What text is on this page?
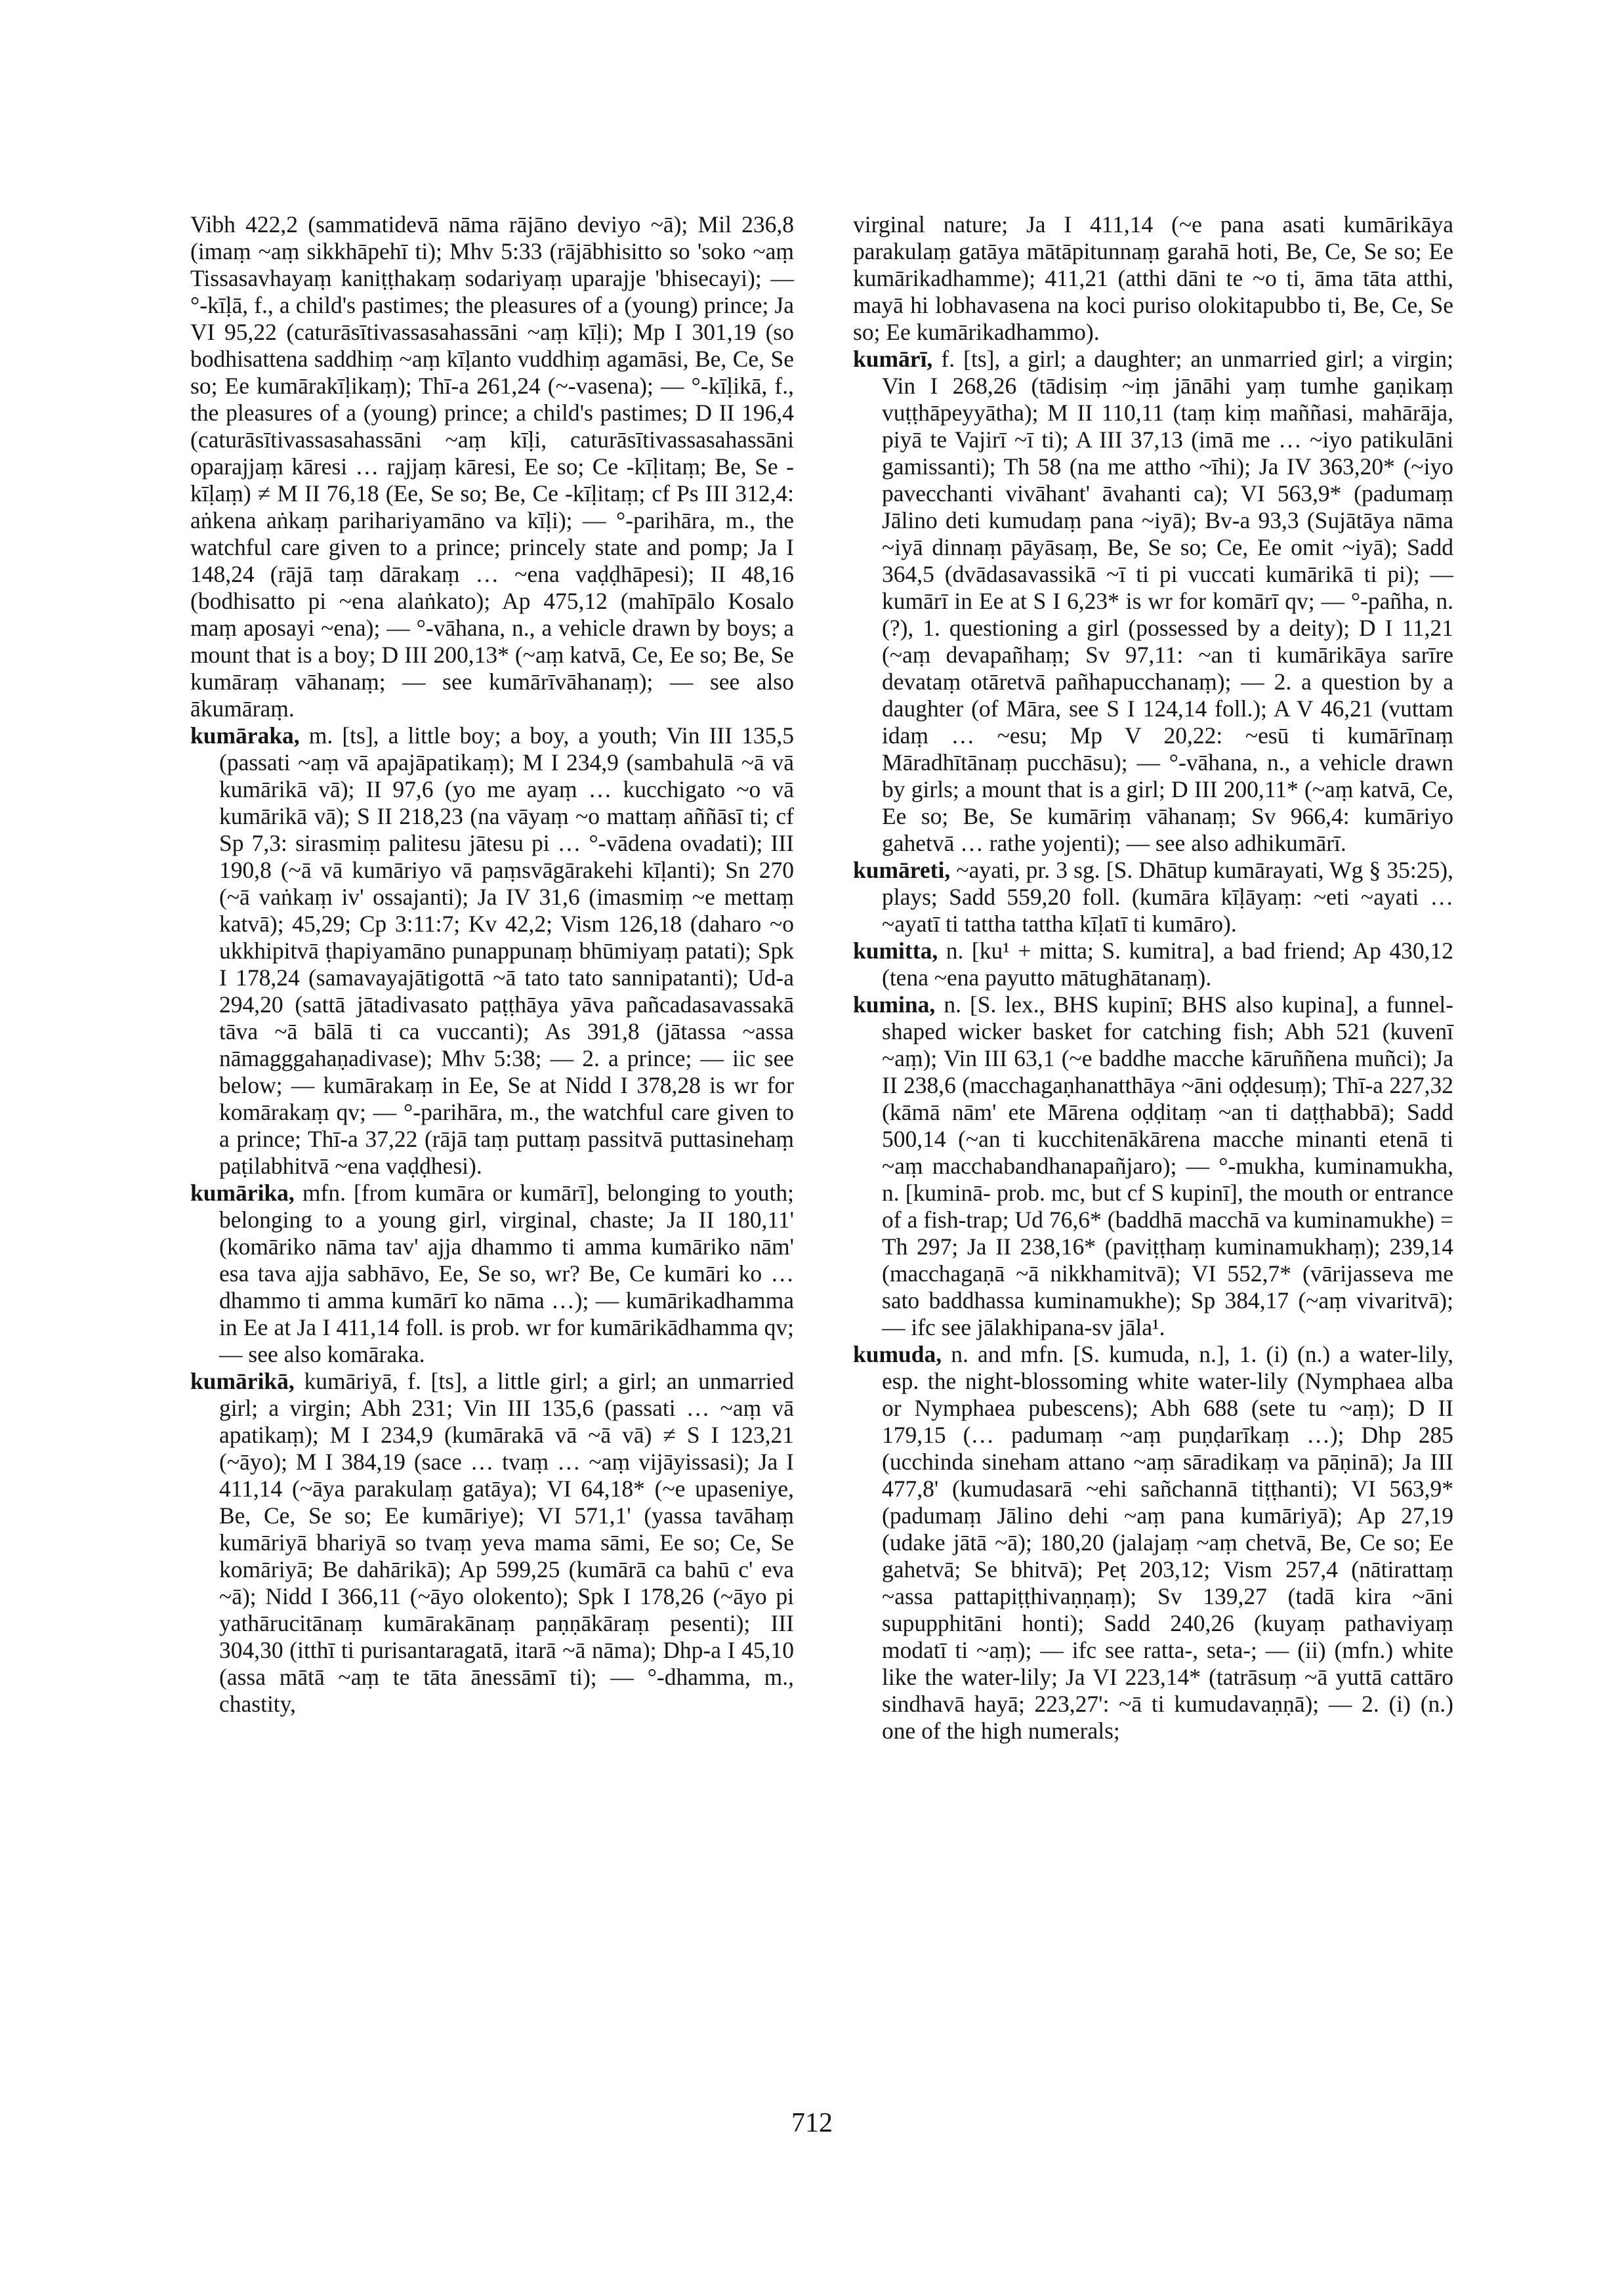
Vibh 422,2 (sammatidevā nāma rājāno deviyo ~ā); Mil 236,8 (imaṃ ~aṃ sikkhāpehī ti); Mhv 5:33 (rājābhisitto so 'soko ~aṃ Tissasavhayaṃ kaniṭṭhakaṃ sodariyaṃ uparajje 'bhisecayi); — °-kīḷā, f., a child's pastimes; the pleasures of a (young) prince; Ja VI 95,22 (caturāsītivassasahassāni ~aṃ kīḷi); Mp I 301,19 (so bodhisattena saddhiṃ ~aṃ kīḷanto vuddhiṃ agamāsi, Be, Ce, Se so; Ee kumārakīḷikaṃ); Thī-a 261,24 (~-vasena); — °-kīḷikā, f., the pleasures of a (young) prince; a child's pastimes; D II 196,4 (caturāsītivassasahassāni ~aṃ kīḷi, caturāsītivassasahassāni oparajjaṃ kāresi … rajjaṃ kāresi, Ee so; Ce -kīḷitaṃ; Be, Se -kīḷaṃ) ≠ M II 76,18 (Ee, Se so; Be, Ce -kīḷitaṃ; cf Ps III 312,4: aṅkena aṅkaṃ parihariyamāno va kīḷi); — °-parihāra, m., the watchful care given to a prince; princely state and pomp; Ja I 148,24 (rājā taṃ dārakaṃ … ~ena vaḍḍhāpesi); II 48,16 (bodhisatto pi ~ena alaṅkato); Ap 475,12 (mahīpālo Kosalo maṃ aposayi ~ena); — °-vāhana, n., a vehicle drawn by boys; a mount that is a boy; D III 200,13* (~aṃ katvā, Ce, Ee so; Be, Se kumāraṃ vāhanaṃ; — see kumārīvāhanaṃ); — see also ākumāraṃ.

kumāraka, m. [ts], a little boy; a boy, a youth; Vin III 135,5 (passati ~aṃ vā apajāpatikaṃ); M I 234,9 (sambahulā ~ā vā kumārikā vā); II 97,6 (yo me ayaṃ … kucchigato ~o vā kumārikā vā); S II 218,23 (na vāyaṃ ~o mattaṃ aññāsī ti; cf Sp 7,3: sirasmiṃ palitesu jātesu pi … °-vādena ovadati); III 190,8 (~ā vā kumāriyo vā paṃsvāgārakehi kīḷanti); Sn 270 (~ā vaṅkaṃ iv' ossajanti); Ja IV 31,6 (imasmiṃ ~e mettaṃ katvā); 45,29; Cp 3:11:7; Kv 42,2; Vism 126,18 (daharo ~o ukkhipitvā ṭhapiyamāno punappunaṃ bhūmiyaṃ patati); Spk I 178,24 (samavayajātigottā ~ā tato tato sannipatanti); Ud-a 294,20 (sattā jātadivasato paṭṭhāya yāva pañcadasavassakā tāva ~ā bālā ti ca vuccanti); As 391,8 (jātassa ~assa nāmagggahaṇadivase); Mhv 5:38; — 2. a prince; — iic see below; — kumārakaṃ in Ee, Se at Nidd I 378,28 is wr for komārakaṃ qv; — °-parihāra, m., the watchful care given to a prince; Thī-a 37,22 (rājā taṃ puttaṃ passitvā puttasinehaṃ paṭilabhitvā ~ena vaḍḍhesi).

kumārika, mfn. [from kumāra or kumārī], belonging to youth; belonging to a young girl, virginal, chaste; Ja II 180,11' (komāriko nāma tav' ajja dhammo ti amma kumāriko nām' esa tava ajja sabhāvo, Ee, Se so, wr? Be, Ce kumāri ko … dhammo ti amma kumārī ko nāma …); — kumārikadhamma in Ee at Ja I 411,14 foll. is prob. wr for kumārikādhamma qv; — see also komāraka.

kumārikā, kumāriyā, f. [ts], a little girl; a girl; an unmarried girl; a virgin; Abh 231; Vin III 135,6 (passati … ~aṃ vā apatikaṃ); M I 234,9 (kumārakā vā ~ā vā) ≠ S I 123,21 (~āyo); M I 384,19 (sace … tvaṃ … ~aṃ vijāyissasi); Ja I 411,14 (~āya parakulaṃ gatāya); VI 64,18* (~e upaseniye, Be, Ce, Se so; Ee kumāriye); VI 571,1' (yassa tavāhaṃ kumāriyā bhariyā so tvaṃ yeva mama sāmi, Ee so; Ce, Se komāriyā; Be dahārikā); Ap 599,25 (kumārā ca bahū c' eva ~ā); Nidd I 366,11 (~āyo olokento); Spk I 178,26 (~āyo pi yathārucitānaṃ kumārakānaṃ paṇṇākāraṃ pesenti); III 304,30 (itthī ti purisantaragatā, itarā ~ā nāma); Dhp-a I 45,10 (assa mātā ~aṃ te tāta ānessāmī ti); — °-dhamma, m., chastity,

virginal nature; Ja I 411,14 (~e pana asati kumārikāya parakulaṃ gatāya mātāpitunnaṃ garahā hoti, Be, Ce, Se so; Ee kumārikadhamme); 411,21 (atthi dāni te ~o ti, āma tāta atthi, mayā hi lobhavasena na koci puriso olokitapubbo ti, Be, Ce, Se so; Ee kumārikadhammo).

kumārī, f. [ts], a girl; a daughter; an unmarried girl; a virgin; Vin I 268,26 (tādisiṃ ~iṃ jānāhi yaṃ tumhe gaṇikaṃ vuṭṭhāpeyyātha); M II 110,11 (taṃ kiṃ maññasi, mahārāja, piyā te Vajirī ~ī ti); A III 37,13 (imā me … ~iyo patikulāni gamissanti); Th 58 (na me attho ~īhi); Ja IV 363,20* (~iyo pavecchanti vivāhant' āvahanti ca); VI 563,9* (padumaṃ Jālino deti kumudaṃ pana ~iyā); Bv-a 93,3 (Sujātāya nāma ~iyā dinnaṃ pāyāsaṃ, Be, Se so; Ce, Ee omit ~iyā); Sadd 364,5 (dvādasavassikā ~ī ti pi vuccati kumārikā ti pi); — kumārī in Ee at S I 6,23* is wr for komārī qv; — °-pañha, n.(?), 1. questioning a girl (possessed by a deity); D I 11,21 (~aṃ devapañhaṃ; Sv 97,11: ~an ti kumārikāya sarīre devataṃ otāretvā pañhapucchanaṃ); — 2. a question by a daughter (of Māra, see S I 124,14 foll.); A V 46,21 (vuttam idaṃ … ~esu; Mp V 20,22: ~esū ti kumārīnaṃ Māradhītānaṃ pucchāsu); — °-vāhana, n., a vehicle drawn by girls; a mount that is a girl; D III 200,11* (~aṃ katvā, Ce, Ee so; Be, Se kumāriṃ vāhanaṃ; Sv 966,4: kumāriyo gahetvā … rathe yojenti); — see also adhikumārī.

kumāreti, ~ayati, pr. 3 sg. [S. Dhātup kumārayati, Wg § 35:25), plays; Sadd 559,20 foll. (kumāra kīḷāyaṃ: ~eti ~ayati … ~ayatī ti tattha tattha kīḷatī ti kumāro).

kumitta, n. [ku¹ + mitta; S. kumitra], a bad friend; Ap 430,12 (tena ~ena payutto mātughātanaṃ).

kumina, n. [S. lex., BHS kupinī; BHS also kupina], a funnel-shaped wicker basket for catching fish; Abh 521 (kuvenī ~aṃ); Vin III 63,1 (~e baddhe macche kāruññena muñci); Ja II 238,6 (macchagaṇhanatthāya ~āni oḍḍesuṃ); Thī-a 227,32 (kāmā nām' ete Mārena oḍḍitaṃ ~an ti daṭṭhabbā); Sadd 500,14 (~an ti kucchitenākārena macche minanti etenā ti ~aṃ macchabandhanapañjaro); — °-mukha, kuminamukha, n. [kuminā- prob. mc, but cf S kupinī], the mouth or entrance of a fish-trap; Ud 76,6* (baddhā macchā va kuminamukhe) = Th 297; Ja II 238,16* (paviṭṭhaṃ kuminamukhaṃ); 239,14 (macchagaṇā ~ā nikkhamitvā); VI 552,7* (vārijasseva me sato baddhassa kuminamukhe); Sp 384,17 (~aṃ vivaritvā); — ifc see jālakhipana-sv jāla¹.

kumuda, n. and mfn. [S. kumuda, n.], 1. (i) (n.) a water-lily, esp. the night-blossoming white water-lily (Nymphaea alba or Nymphaea pubescens); Abh 688 (sete tu ~aṃ); D II 179,15 (… padumaṃ ~aṃ puṇḍarīkaṃ …); Dhp 285 (ucchinda sineham attano ~aṃ sāradikaṃ va pāṇinā); Ja III 477,8' (kumudasarā ~ehi sañchannā tiṭṭhanti); VI 563,9* (padumaṃ Jālino dehi ~aṃ pana kumāriyā); Ap 27,19 (udake jātā ~ā); 180,20 (jalajaṃ ~aṃ chetvā, Be, Ce so; Ee gahetvā; Se bhitvā); Peṭ 203,12; Vism 257,4 (nātirattaṃ ~assa pattapiṭṭhivaṇṇaṃ); Sv 139,27 (tadā kira ~āni supupphitāni honti); Sadd 240,26 (kuyaṃ pathaviyaṃ modatī ti ~aṃ); — ifc see ratta-, seta-; — (ii) (mfn.) white like the water-lily; Ja VI 223,14* (tatrāsuṃ ~ā yuttā cattāro sindhavā hayā; 223,27': ~ā ti kumudavaṇṇā); — 2. (i) (n.) one of the high numerals;

712
